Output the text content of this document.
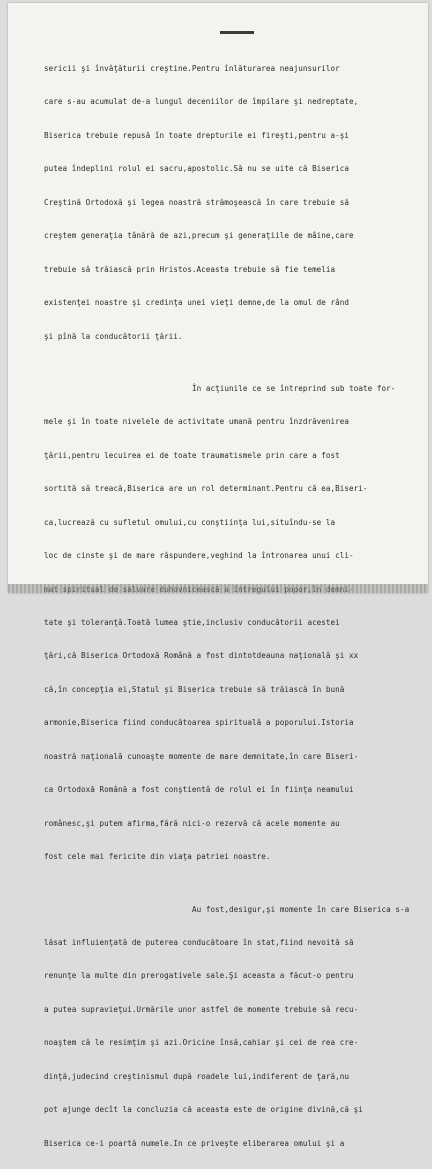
sericii şi învăţăturii creştine.Pentru înlăturarea neajunsurilor

care s-au acumulat de-a lungul deceniilor de împilare şi nedreptate,

Biserica trebuie repusă în toate drepturile ei fireşti,pentru a-şi

putea îndeplini rolul ei sacru,apostolic.Să nu se uite că Biserica

Creştină Ortodoxă şi legea noastră strămoşească în care trebuie să

creştem generaţia tânără de azi,precum şi generaţiile de mâine,care

trebuie să trăiască prin Hristos.Aceasta trebuie să fie temelia

existenţei noastre şi credinţa unei vieţi demne,de la omul de rând

şi pînă la conducătorii ţării.

În acţiunile ce se întreprind sub toate for-

mele şi în toate nivelele de activitate umană pentru înzdrăvenirea

ţării,pentru lecuirea ei de toate traumatismele prin care a fost

sortită să treacă,Biserica are un rol determinant.Pentru că ea,Biseri-

ca,lucrează cu sufletul omului,cu conştiinţa lui,situîndu-se la

loc de cinste şi de mare răspundere,veghind la întronarea unui cli-

tate şi toleranţă.Toată lumea ştie,inclusiv conducătorii acestei

ţări,că Biserica Ortodoxă Română a fost dintotdeauna naţională şi xx

că,în concepţia ei,Statul şi Biserica trebuie să trăiască în bună

armonie,Biserica fiind conducătoarea spirituală a poporului.Istoria

noastră naţională cunoaşte momente de mare demnitate,în care Biseri-

ca Ortodoxă Română a fost conştientă de rolul ei în fiinţa neamului

românesc,şi putem afirma,fără nici-o rezervă că acele momente au

fost cele mai fericite din viaţa patriei noastre.

Au fost,desigur,şi momente în care Biserica s-a

lăsat influienţată de puterea conducătoare în stat,fiind nevoită să

renunţe la multe din prerogativele sale.Şi aceasta a făcut-o pentru

a putea supravieţui.Urmările unor astfel de momente trebuie să recu-

noaştem că le resimţim şi azi.Oricine însă,cahiar şi cei de rea cre-

dinţă,judecind creştinismul după roadele lui,indiferent de ţară,nu

pot ajunge decît la concluzia că aceasta este de origine divină,că şi

Biserica ce-i poartă numele.In ce priveşte eliberarea omului şi a
